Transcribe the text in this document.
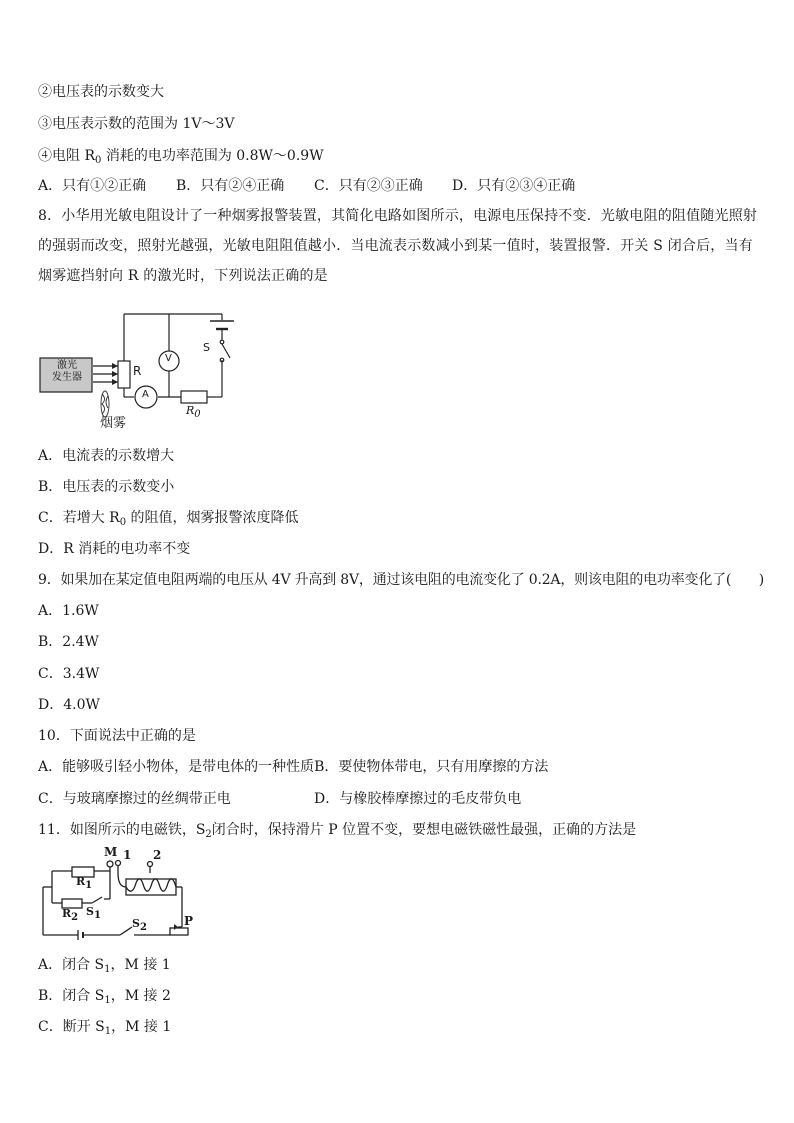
②电压表的示数变大
③电压表示数的范围为 1V～3V
④电阻 $R_0$ 消耗的电功率范围为 0.8W～0.9W
A．只有①②正确 B．只有②④正确 C．只有②③正确 D．只有②③④正确
8．小华用光敏电阻设计了一种烟雾报警装置，其简化电路如图所示，电源电压保持不变．光敏电阻的阻值随光照射的强弱而改变，照射光越强，光敏电阻阻值越小．当电流表示数减小到某一值时，装置报警．开关 S 闭合后，当有烟雾遮挡射向 R 的激光时，下列说法正确的是
激光
发生器	R
V
A
S
$R_0$
烟雾
A．电流表的示数增大
B．电压表的示数变小
C．若增大 $R_0$ 的阻值，烟雾报警浓度降低
D．R 消耗的电功率不变
9．如果加在某定值电阻两端的电压从 4V 升高到 8V，通过该电阻的电流变化了 0.2A，则该电阻的电功率变化了(　　)
A．1.6W
B．2.4W
C．3.4W
D．4.0W
10．下面说法中正确的是
A．能够吸引轻小物体，是带电体的一种性质B．要使物体带电，只有用摩擦的方法
C．与玻璃摩擦过的丝绸带正电	D．与橡胶棒摩擦过的毛皮带负电
11．如图所示的电磁铁，$S_2$闭合时，保持滑片 P 位置不变，要想电磁铁磁性最强，正确的方法是
M 1 2
$R_1$
$R_2$ $S_1$
$S_2$	P
A．闭合 $S_1$，M 接 1
B．闭合 $S_1$，M 接 2
C．断开 $S_1$，M 接 1
